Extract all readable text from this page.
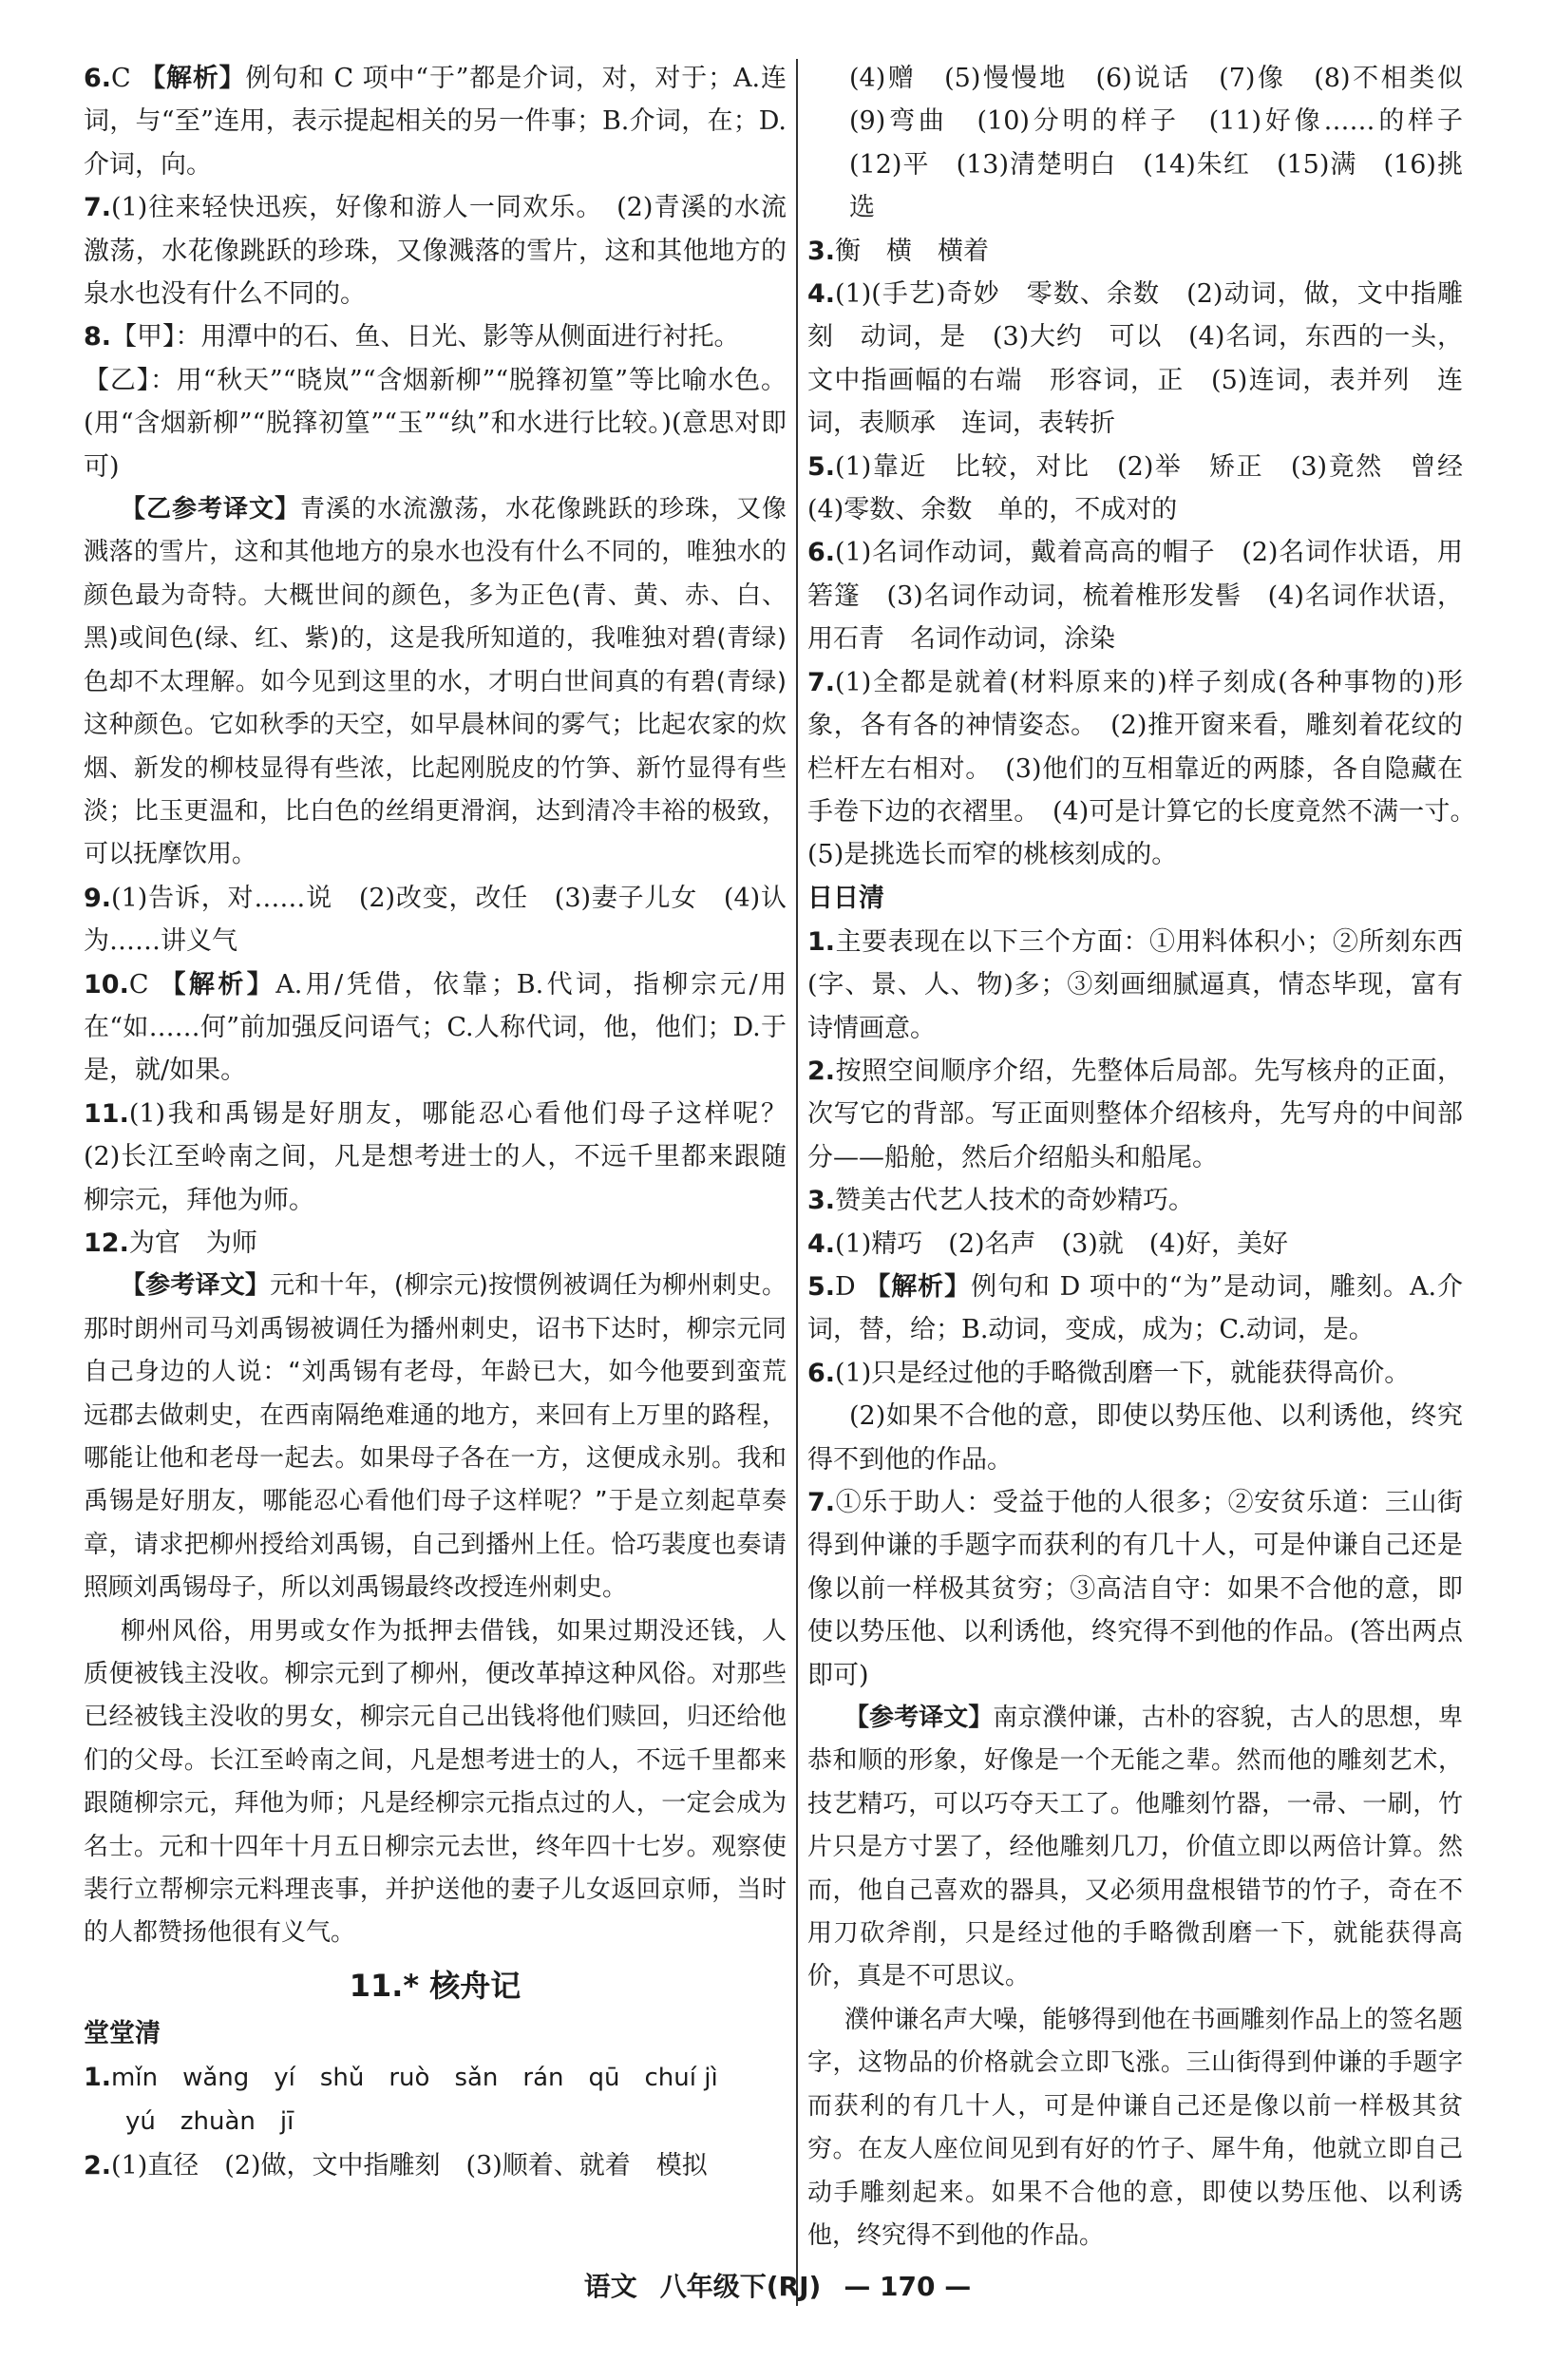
6.C 【解析】例句和 C 项中“于”都是介词，对，对于；A.连词，与“至”连用，表示提起相关的另一件事；B.介词，在；D.介词，向。

7.(1)往来轻快迅疾，好像和游人一同欢乐。　(2)青溪的水流激荡，水花像跳跃的珍珠，又像溅落的雪片，这和其他地方的泉水也没有什么不同的。

8.【甲】：用潭中的石、鱼、日光、影等从侧面进行衬托。
【乙】：用“秋天”“晓岚”“含烟新柳”“脱箨初篁”等比喻水色。(用“含烟新柳”“脱箨初篁”“玉”“纨”和水进行比较。)(意思对即可)

【乙参考译文】青溪的水流激荡，水花像跳跃的珍珠，又像溅落的雪片，这和其他地方的泉水也没有什么不同的，唯独水的颜色最为奇特。大概世间的颜色，多为正色(青、黄、赤、白、黑)或间色(绿、红、紫)的，这是我所知道的，我唯独对碧(青绿)色却不太理解。如今见到这里的水，才明白世间真的有碧(青绿)这种颜色。它如秋季的天空，如早晨林间的雾气；比起农家的炊烟、新发的柳枝显得有些浓，比起刚脱皮的竹笋、新竹显得有些淡；比玉更温和，比白色的丝绢更滑润，达到清冷丰裕的极致，可以抚摩饮用。

9.(1)告诉，对……说　(2)改变，改任　(3)妻子儿女　(4)认为……讲义气

10.C 【解析】A.用/凭借，依靠；B.代词，指柳宗元/用在“如……何”前加强反问语气；C.人称代词，他，他们；D.于是，就/如果。

11.(1)我和禹锡是好朋友，哪能忍心看他们母子这样呢？　(2)长江至岭南之间，凡是想考进士的人，不远千里都来跟随柳宗元，拜他为师。

12.为官　为师

【参考译文】元和十年，(柳宗元)按惯例被调任为柳州刺史。那时朗州司马刘禹锡被调任为播州刺史，诏书下达时，柳宗元同自己身边的人说：“刘禹锡有老母，年龄已大，如今他要到蛮荒远郡去做刺史，在西南隔绝难通的地方，来回有上万里的路程，哪能让他和老母一起去。如果母子各在一方，这便成永别。我和禹锡是好朋友，哪能忍心看他们母子这样呢？”于是立刻起草奏章，请求把柳州授给刘禹锡，自己到播州上任。恰巧裴度也奏请照顾刘禹锡母子，所以刘禹锡最终改授连州刺史。

柳州风俗，用男或女作为抵押去借钱，如果过期没还钱，人质便被钱主没收。柳宗元到了柳州，便改革掉这种风俗。对那些已经被钱主没收的男女，柳宗元自己出钱将他们赎回，归还给他们的父母。长江至岭南之间，凡是想考进士的人，不远千里都来跟随柳宗元，拜他为师；凡是经柳宗元指点过的人，一定会成为名士。元和十四年十月五日柳宗元去世，终年四十七岁。观察使裴行立帮柳宗元料理丧事，并护送他的妻子儿女返回京师，当时的人都赞扬他很有义气。

11.* 核舟记

堂堂清

1.mǐn　wǎng　yí　shǔ　ruò　sǎn　rán　qū　chuí jì
yú　zhuàn　jī

2.(1)直径　(2)做，文中指雕刻　(3)顺着、就着　模拟

(4)赠　(5)慢慢地　(6)说话　(7)像　(8)不相类似　(9)弯曲　(10)分明的样子　(11)好像……的样子　(12)平　(13)清楚明白　(14)朱红　(15)满　(16)挑选

3.衡　横　横着

4.(1)(手艺)奇妙　零数、余数　(2)动词，做，文中指雕刻　动词，是　(3)大约　可以　(4)名词，东西的一头，文中指画幅的右端　形容词，正　(5)连词，表并列　连词，表顺承　连词，表转折

5.(1)靠近　比较，对比　(2)举　矫正　(3)竟然　曾经　(4)零数、余数　单的，不成对的

6.(1)名词作动词，戴着高高的帽子　(2)名词作状语，用箬篷　(3)名词作动词，梳着椎形发髻　(4)名词作状语，用石青　名词作动词，涂染

7.(1)全都是就着(材料原来的)样子刻成(各种事物的)形象，各有各的神情姿态。　(2)推开窗来看，雕刻着花纹的栏杆左右相对。　(3)他们的互相靠近的两膝，各自隐藏在手卷下边的衣褶里。　(4)可是计算它的长度竟然不满一寸。　(5)是挑选长而窄的桃核刻成的。

日日清

1.主要表现在以下三个方面：①用料体积小；②所刻东西(字、景、人、物)多；③刻画细腻逼真，情态毕现，富有诗情画意。

2.按照空间顺序介绍，先整体后局部。先写核舟的正面，次写它的背部。写正面则整体介绍核舟，先写舟的中间部分——船舱，然后介绍船头和船尾。

3.赞美古代艺人技术的奇妙精巧。

4.(1)精巧　(2)名声　(3)就　(4)好，美好

5.D 【解析】例句和 D 项中的“为”是动词，雕刻。A.介词，替，给；B.动词，变成，成为；C.动词，是。

6.(1)只是经过他的手略微刮磨一下，就能获得高价。
(2)如果不合他的意，即使以势压他、以利诱他，终究得不到他的作品。

7.①乐于助人：受益于他的人很多；②安贫乐道：三山街得到仲谦的手题字而获利的有几十人，可是仲谦自己还是像以前一样极其贫穷；③高洁自守：如果不合他的意，即使以势压他、以利诱他，终究得不到他的作品。(答出两点即可)

【参考译文】南京濮仲谦，古朴的容貌，古人的思想，卑恭和顺的形象，好像是一个无能之辈。然而他的雕刻艺术，技艺精巧，可以巧夺天工了。他雕刻竹器，一帚、一刷，竹片只是方寸罢了，经他雕刻几刀，价值立即以两倍计算。然而，他自己喜欢的器具，又必须用盘根错节的竹子，奇在不用刀砍斧削，只是经过他的手略微刮磨一下，就能获得高价，真是不可思议。

濮仲谦名声大噪，能够得到他在书画雕刻作品上的签名题字，这物品的价格就会立即飞涨。三山街得到仲谦的手题字而获利的有几十人，可是仲谦自己还是像以前一样极其贫穷。在友人座位间见到有好的竹子、犀牛角，他就立即自己动手雕刻起来。如果不合他的意，即使以势压他、以利诱他，终究得不到他的作品。

语文 八年级下(RJ) — 170 —
